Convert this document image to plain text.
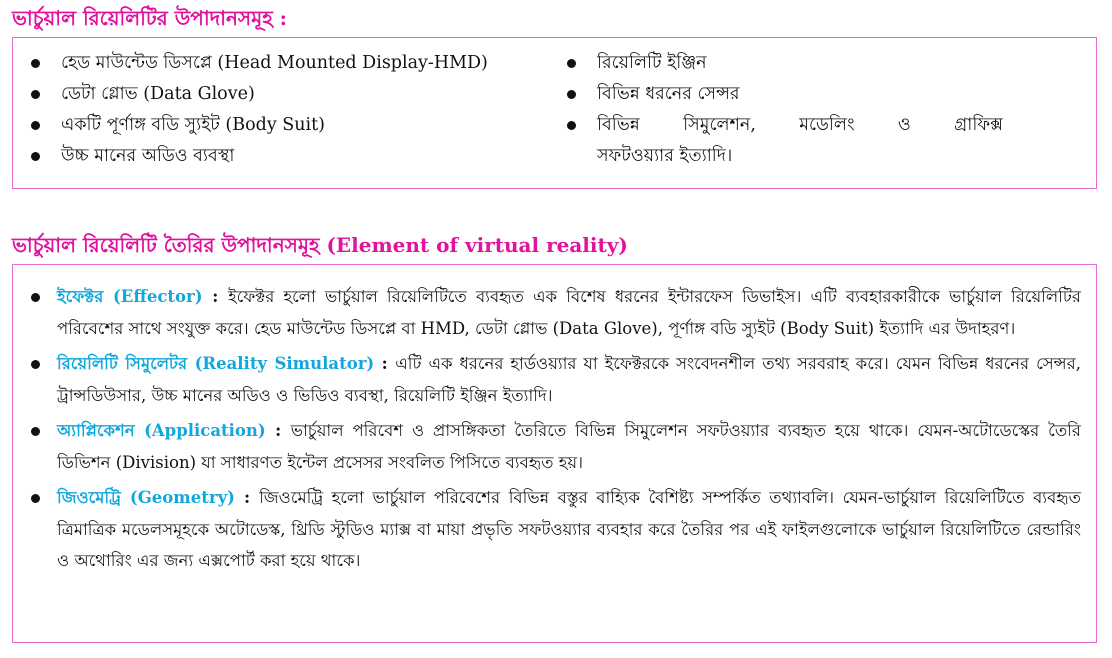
ভার্চুয়াল রিয়েলিটির উপাদানসমূহ :
হেড মাউন্টেড ডিসপ্লে (Head Mounted Display-HMD)
ডেটা গ্লোভ (Data Glove)
একটি পূর্ণাঙ্গ বডি স্যুইট (Body Suit)
উচ্চ মানের অডিও ব্যবস্থা
রিয়েলিটি ইঞ্জিন
বিভিন্ন ধরনের সেন্সর
বিভিন্ন সিমুলেশন, মডেলিং ও গ্রাফিক্স
সফটওয়্যার ইত্যাদি।
ভার্চুয়াল রিয়েলিটি তৈরির উপাদানসমূহ (Element of virtual reality)
ইফেক্টর (Effector) : ইফেক্টর হলো ভার্চুয়াল রিয়েলিটিতে ব্যবহৃত এক বিশেষ ধরনের ইন্টারফেস ডিভাইস। এটি ব্যবহারকারীকে ভার্চুয়াল রিয়েলিটির পরিবেশের সাথে সংযুক্ত করে। হেড মাউন্টেড ডিসপ্লে বা HMD, ডেটা গ্লোভ (Data Glove), পূর্ণাঙ্গ বডি স্যুইট (Body Suit) ইত্যাদি এর উদাহরণ।
রিয়েলিটি সিমুলেটর (Reality Simulator) : এটি এক ধরনের হার্ডওয়্যার যা ইফেক্টরকে সংবেদনশীল তথ্য সরবরাহ করে। যেমন বিভিন্ন ধরনের সেন্সর, ট্রান্সডিউসার, উচ্চ মানের অডিও ও ভিডিও ব্যবস্থা, রিয়েলিটি ইঞ্জিন ইত্যাদি।
অ্যাপ্লিকেশন (Application) : ভার্চুয়াল পরিবেশ ও প্রাসঙ্গিকতা তৈরিতে বিভিন্ন সিমুলেশন সফটওয়্যার ব্যবহৃত হয়ে থাকে। যেমন-অটোডেস্কের তৈরি ডিভিশন (Division) যা সাধারণত ইন্টেল প্রসেসর সংবলিত পিসিতে ব্যবহৃত হয়।
জিওমেট্রি (Geometry) : জিওমেট্রি হলো ভার্চুয়াল পরিবেশের বিভিন্ন বস্তুর বাহ্যিক বৈশিষ্ট্য সম্পর্কিত তথ্যাবলি। যেমন-ভার্চুয়াল রিয়েলিটিতে ব্যবহৃত ত্রিমাত্রিক মডেলসমূহকে অটোডেস্ক, থ্রিডি স্টুডিও ম্যাক্স বা মায়া প্রভৃতি সফটওয়্যার ব্যবহার করে তৈরির পর এই ফাইলগুলোকে ভার্চুয়াল রিয়েলিটিতে রেন্ডারিং ও অথোরিং এর জন্য এক্সপোর্ট করা হয়ে থাকে।
